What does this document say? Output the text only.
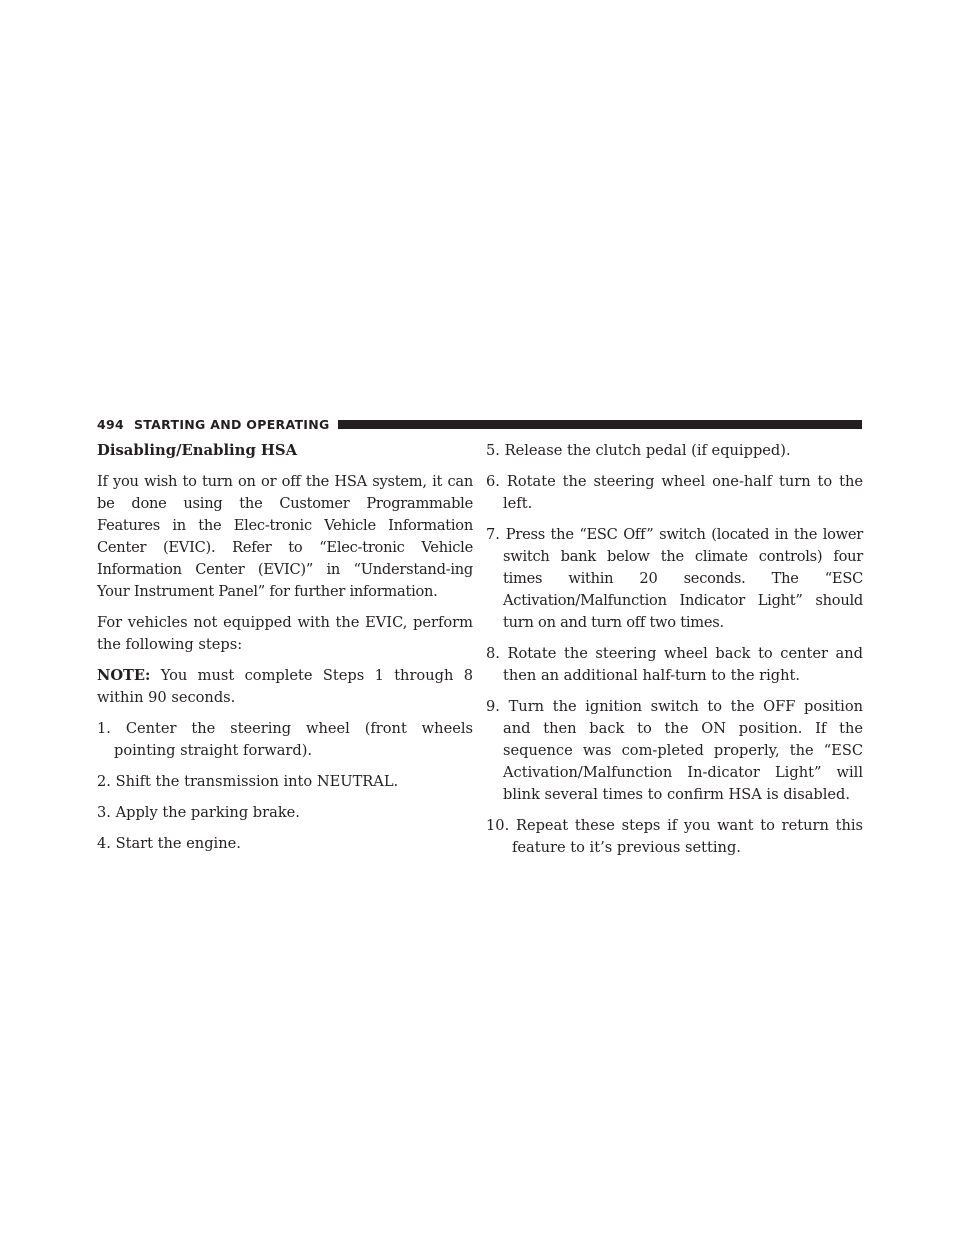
494 STARTING AND OPERATING
Disabling/Enabling HSA

If you wish to turn on or off the HSA system, it can be done using the Customer Programmable Features in the Elec-tronic Vehicle Information Center (EVIC). Refer to “Elec-tronic Vehicle Information Center (EVIC)” in “Understand-ing Your Instrument Panel” for further information.

For vehicles not equipped with the EVIC, perform the following steps:

NOTE: You must complete Steps 1 through 8 within 90 seconds.

1. Center the steering wheel (front wheels pointing straight forward).
2. Shift the transmission into NEUTRAL.
3. Apply the parking brake.
4. Start the engine.
5. Release the clutch pedal (if equipped).
6. Rotate the steering wheel one-half turn to the left.
7. Press the “ESC Off” switch (located in the lower switch bank below the climate controls) four times within 20 seconds. The “ESC Activation/Malfunction Indicator Light” should turn on and turn off two times.
8. Rotate the steering wheel back to center and then an additional half-turn to the right.
9. Turn the ignition switch to the OFF position and then back to the ON position. If the sequence was com-pleted properly, the “ESC Activation/Malfunction In-dicator Light” will blink several times to confirm HSA is disabled.
10. Repeat these steps if you want to return this feature to it’s previous setting.
